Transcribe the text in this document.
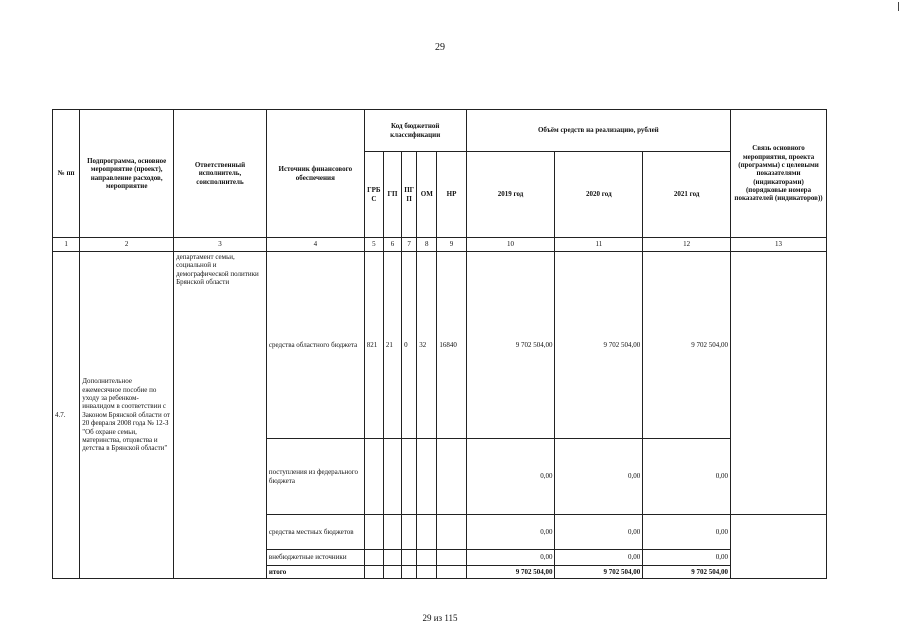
29
№ пп	Подпрограмма, основное мероприятие (проект), направление расходов, мероприятие	Ответственный исполнитель, соисполнитель	Источник финансового обеспечения	Код бюджетной классификации					Объём средств на реализацию, рублей			Связь основного мероприятия, проекта (программы) с целевыми показателями (индикаторами) (порядковые номера показателей (индикаторов))
				ГРБ С	ГП	ПГ П	ОМ	НР	2019 год	2020 год	2021 год	
1	2	3	4	5	6	7	8	9	10	11	12	13
4.7.	Дополнительное ежемесячное пособие по уходу за ребенком-инвалидом в соответствии с Законом Брянской области от 20 февраля 2008 года № 12-З "Об охране семьи, материнства, отцовства и детства в Брянской области"	департамент семьи, социальной и демографической политики Брянской области	средства областного бюджета	821	21	0	32	16840	9 702 504,00	9 702 504,00	9 702 504,00	
			поступления из федерального бюджета						0,00	0,00	0,00	
			средства местных бюджетов						0,00	0,00	0,00	
			внебюджетные источники						0,00	0,00	0,00	
			итого						9 702 504,00	9 702 504,00	9 702 504,00	
29 из 115
